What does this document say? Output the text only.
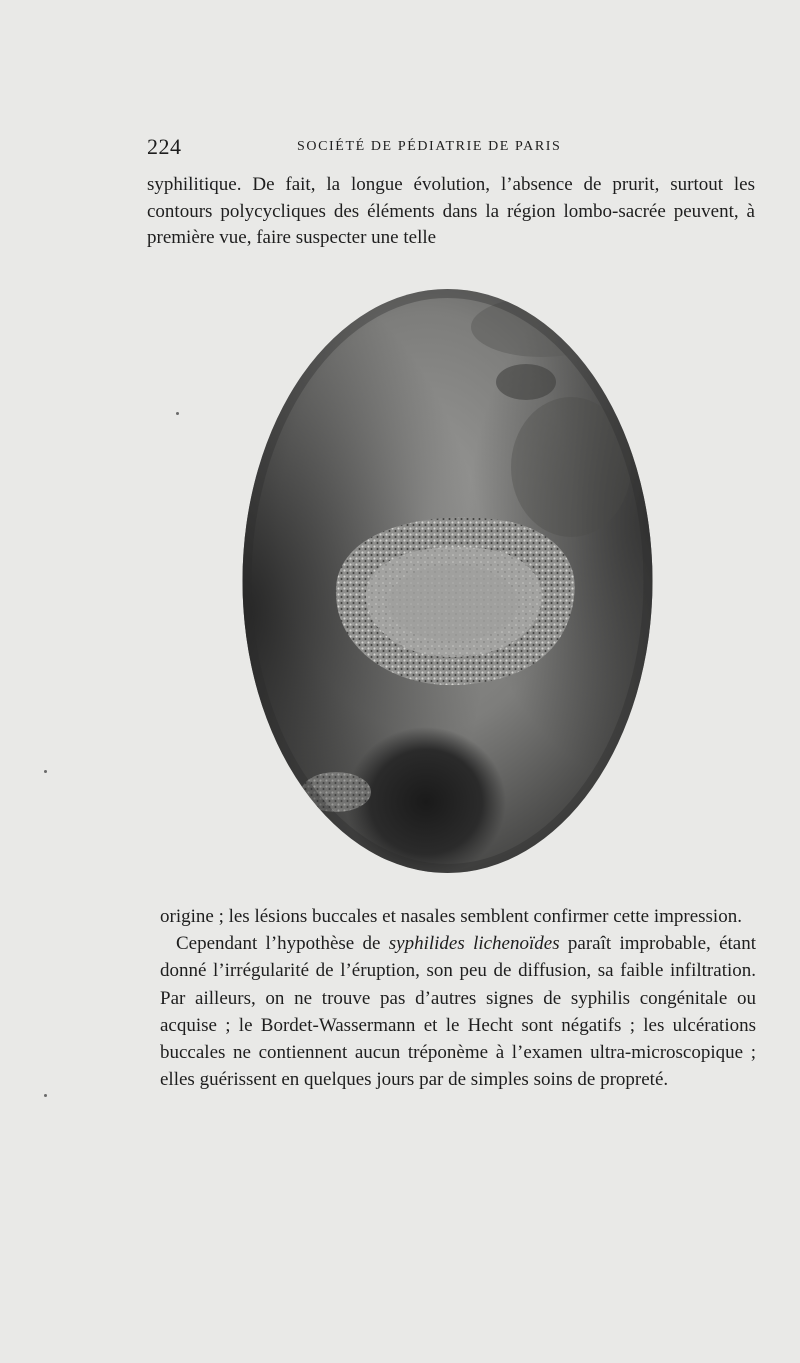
224	SOCIÉTÉ DE PÉDIATRIE DE PARIS

syphilitique. De fait, la longue évolution, l’absence de prurit, surtout les contours polycycliques des éléments dans la région lombo-sacrée peuvent, à première vue, faire suspecter une telle

origine ; les lésions buccales et nasales semblent confirmer cette impression.

Cependant l’hypothèse de syphilides lichenoïdes paraît improbable, étant donné l’irrégularité de l’éruption, son peu de diffusion, sa faible infiltration. Par ailleurs, on ne trouve pas d’autres signes de syphilis congénitale ou acquise ; le Bordet-Wassermann et le Hecht sont négatifs ; les ulcérations buccales ne contiennent aucun tréponème à l’examen ultra-microscopique ; elles guérissent en quelques jours par de simples soins de propreté.
